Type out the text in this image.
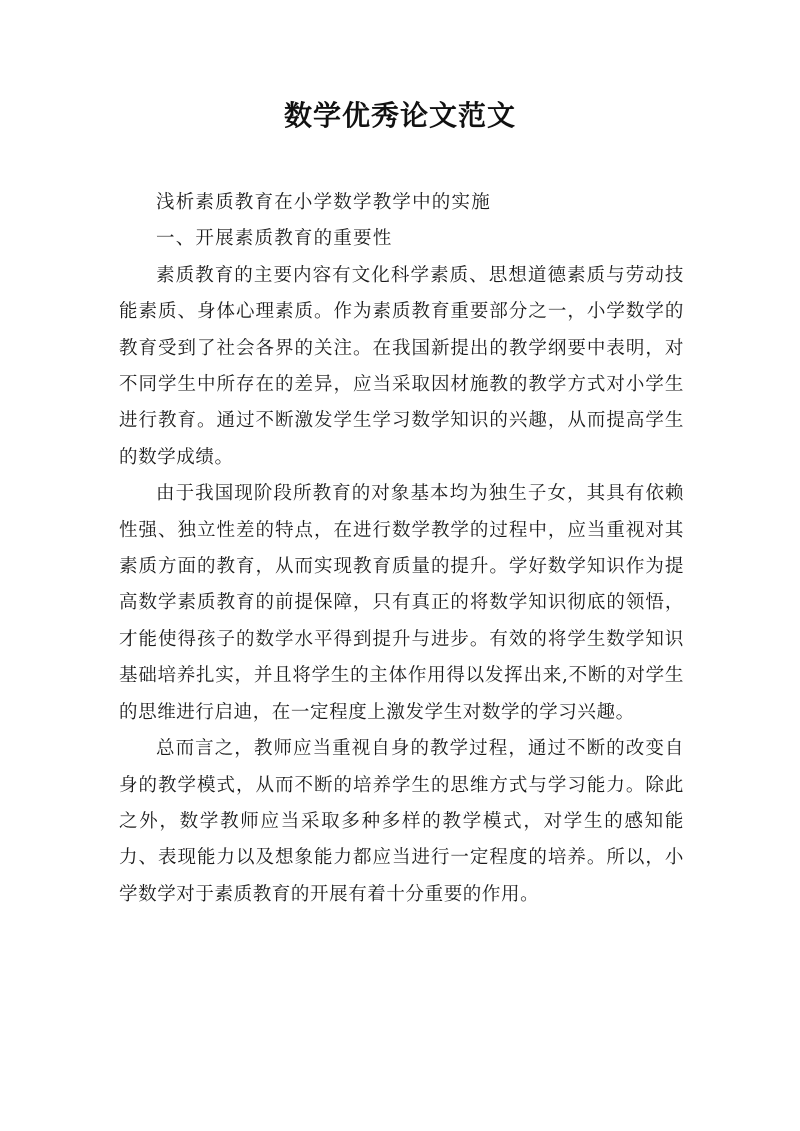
数学优秀论文范文

浅析素质教育在小学数学教学中的实施

一、开展素质教育的重要性

素质教育的主要内容有文化科学素质、思想道德素质与劳动技能素质、身体心理素质。作为素质教育重要部分之一，小学数学的教育受到了社会各界的关注。在我国新提出的教学纲要中表明，对不同学生中所存在的差异，应当采取因材施教的教学方式对小学生进行教育。通过不断激发学生学习数学知识的兴趣，从而提高学生的数学成绩。

由于我国现阶段所教育的对象基本均为独生子女，其具有依赖性强、独立性差的特点，在进行数学教学的过程中，应当重视对其素质方面的教育，从而实现教育质量的提升。学好数学知识作为提高数学素质教育的前提保障，只有真正的将数学知识彻底的领悟，才能使得孩子的数学水平得到提升与进步。有效的将学生数学知识基础培养扎实，并且将学生的主体作用得以发挥出来,不断的对学生的思维进行启迪，在一定程度上激发学生对数学的学习兴趣。

总而言之，教师应当重视自身的教学过程，通过不断的改变自身的教学模式，从而不断的培养学生的思维方式与学习能力。除此之外，数学教师应当采取多种多样的教学模式，对学生的感知能力、表现能力以及想象能力都应当进行一定程度的培养。所以，小学数学对于素质教育的开展有着十分重要的作用。
